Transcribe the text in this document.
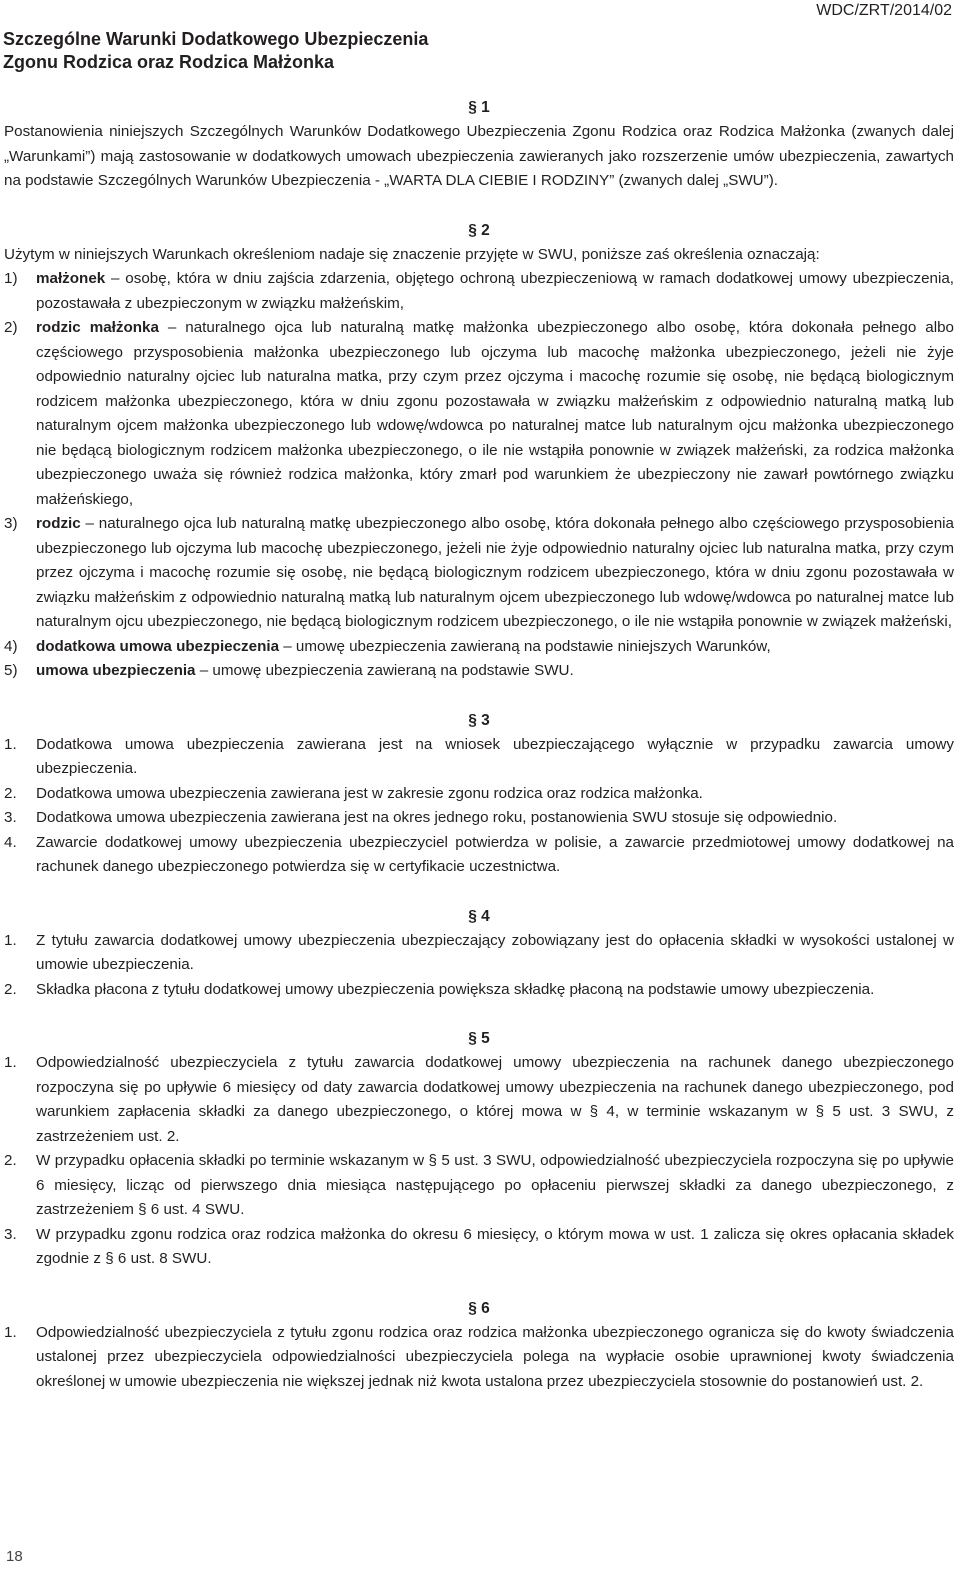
WDC/ZRT/2014/02
Szczególne Warunki Dodatkowego Ubezpieczenia
Zgonu Rodzica oraz Rodzica Małżonka
§ 1

Postanowienia niniejszych Szczególnych Warunków Dodatkowego Ubezpieczenia Zgonu Rodzica oraz Rodzica Małżonka (zwanych dalej „Warunkami”) mają zastosowanie w dodatkowych umowach ubezpieczenia zawieranych jako rozszerzenie umów ubezpieczenia, zawartych na podstawie Szczególnych Warunków Ubezpieczenia - „WARTA DLA CIEBIE I RODZINY” (zwanych dalej „SWU”).

§ 2

Użytym w niniejszych Warunkach określeniom nadaje się znaczenie przyjęte w SWU, poniższe zaś określenia oznaczają:

1) małżonek – osobę, która w dniu zajścia zdarzenia, objętego ochroną ubezpieczeniową w ramach dodatkowej umowy ubezpieczenia, pozostawała z ubezpieczonym w związku małżeńskim,
2) rodzic małżonka – naturalnego ojca lub naturalną matkę małżonka ubezpieczonego albo osobę, która dokonała pełnego albo częściowego przysposobienia małżonka ubezpieczonego lub ojczyma lub macochę małżonka ubezpieczonego, jeżeli nie żyje odpowiednio naturalny ojciec lub naturalna matka, przy czym przez ojczyma i macochę rozumie się osobę, nie będącą biologicznym rodzicem małżonka ubezpieczonego, która w dniu zgonu pozostawała w związku małżeńskim z odpowiednio naturalną matką lub naturalnym ojcem małżonka ubezpieczonego lub wdowę/wdowca po naturalnej matce lub naturalnym ojcu małżonka ubezpieczonego nie będącą biologicznym rodzicem małżonka ubezpieczonego, o ile nie wstąpiła ponownie w związek małżeński, za rodzica małżonka ubezpieczonego uważa się również rodzica małżonka, który zmarł pod warunkiem że ubezpieczony nie zawarł powtórnego związku małżeńskiego,
3) rodzic – naturalnego ojca lub naturalną matkę ubezpieczonego albo osobę, która dokonała pełnego albo częściowego przysposobienia ubezpieczonego lub ojczyma lub macochę ubezpieczonego, jeżeli nie żyje odpowiednio naturalny ojciec lub naturalna matka, przy czym przez ojczyma i macochę rozumie się osobę, nie będącą biologicznym rodzicem ubezpieczonego, która w dniu zgonu pozostawała w związku małżeńskim z odpowiednio naturalną matką lub naturalnym ojcem ubezpieczonego lub wdowę/wdowca po naturalnej matce lub naturalnym ojcu ubezpieczonego, nie będącą biologicznym rodzicem ubezpieczonego, o ile nie wstąpiła ponownie w związek małżeński,
4) dodatkowa umowa ubezpieczenia – umowę ubezpieczenia zawieraną na podstawie niniejszych Warunków,
5) umowa ubezpieczenia – umowę ubezpieczenia zawieraną na podstawie SWU.
§ 3
1. Dodatkowa umowa ubezpieczenia zawierana jest na wniosek ubezpieczającego wyłącznie w przypadku zawarcia umowy ubezpieczenia.
2. Dodatkowa umowa ubezpieczenia zawierana jest w zakresie zgonu rodzica oraz rodzica małżonka.
3. Dodatkowa umowa ubezpieczenia zawierana jest na okres jednego roku, postanowienia SWU stosuje się odpowiednio.
4. Zawarcie dodatkowej umowy ubezpieczenia ubezpieczyciel potwierdza w polisie, a zawarcie przedmiotowej umowy dodatkowej na rachunek danego ubezpieczonego potwierdza się w certyfikacie uczestnictwa.
§ 4
1. Z tytułu zawarcia dodatkowej umowy ubezpieczenia ubezpieczający zobowiązany jest do opłacenia składki w wysokości ustalonej w umowie ubezpieczenia.
2. Składka płacona z tytułu dodatkowej umowy ubezpieczenia powiększa składkę płaconą na podstawie umowy ubezpieczenia.
§ 5
1. Odpowiedzialność ubezpieczyciela z tytułu zawarcia dodatkowej umowy ubezpieczenia na rachunek danego ubezpieczonego rozpoczyna się po upływie 6 miesięcy od daty zawarcia dodatkowej umowy ubezpieczenia na rachunek danego ubezpieczonego, pod warunkiem zapłacenia składki za danego ubezpieczonego, o której mowa w § 4, w terminie wskazanym w § 5 ust. 3 SWU, z zastrzeżeniem ust. 2.
2. W przypadku opłacenia składki po terminie wskazanym w § 5 ust. 3 SWU, odpowiedzialność ubezpieczyciela rozpoczyna się po upływie 6 miesięcy, licząc od pierwszego dnia miesiąca następującego po opłaceniu pierwszej składki za danego ubezpieczonego, z zastrzeżeniem § 6 ust. 4 SWU.
3. W przypadku zgonu rodzica oraz rodzica małżonka do okresu 6 miesięcy, o którym mowa w ust. 1 zalicza się okres opłacania składek zgodnie z § 6 ust. 8 SWU.
§ 6
1. Odpowiedzialność ubezpieczyciela z tytułu zgonu rodzica oraz rodzica małżonka ubezpieczonego ogranicza się do kwoty świadczenia ustalonej przez ubezpieczyciela odpowiedzialności ubezpieczyciela polega na wypłacie osobie uprawnionej kwoty świadczenia określonej w umowie ubezpieczenia nie większej jednak niż kwota ustalona przez ubezpieczyciela stosownie do postanowień ust. 2.
18
